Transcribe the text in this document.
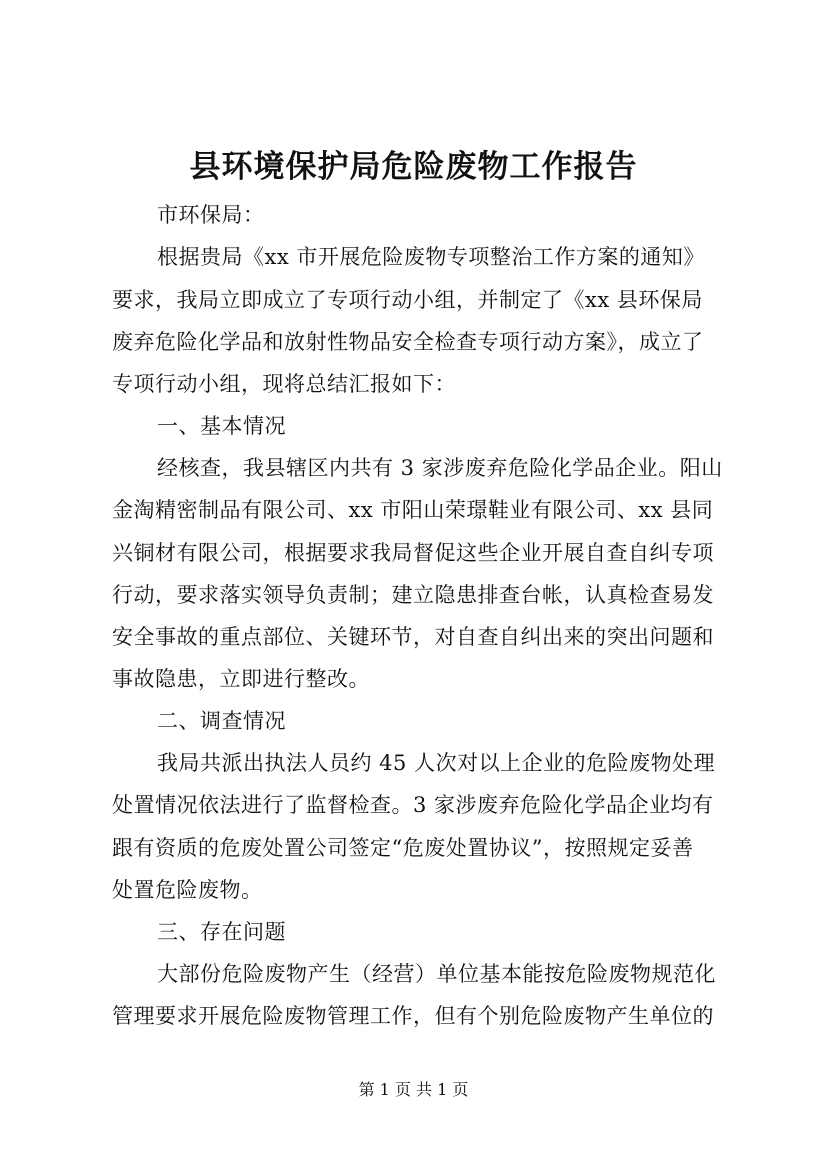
县环境保护局危险废物工作报告
市环保局：
根据贵局《xx 市开展危险废物专项整治工作方案的通知》
要求，我局立即成立了专项行动小组，并制定了《xx 县环保局
废弃危险化学品和放射性物品安全检查专项行动方案》，成立了
专项行动小组，现将总结汇报如下：
一、基本情况
经核查，我县辖区内共有 3 家涉废弃危险化学品企业。阳山
金淘精密制品有限公司、xx 市阳山荣璟鞋业有限公司、xx 县同
兴铜材有限公司，根据要求我局督促这些企业开展自查自纠专项
行动，要求落实领导负责制；建立隐患排查台帐，认真检查易发
安全事故的重点部位、关键环节，对自查自纠出来的突出问题和
事故隐患，立即进行整改。
二、调查情况
我局共派出执法人员约 45 人次对以上企业的危险废物处理
处置情况依法进行了监督检查。3 家涉废弃危险化学品企业均有
跟有资质的危废处置公司签定“危废处置协议”，按照规定妥善
处置危险废物。
三、存在问题
大部份危险废物产生（经营）单位基本能按危险废物规范化
管理要求开展危险废物管理工作，但有个别危险废物产生单位的
第 1 页 共 1 页
